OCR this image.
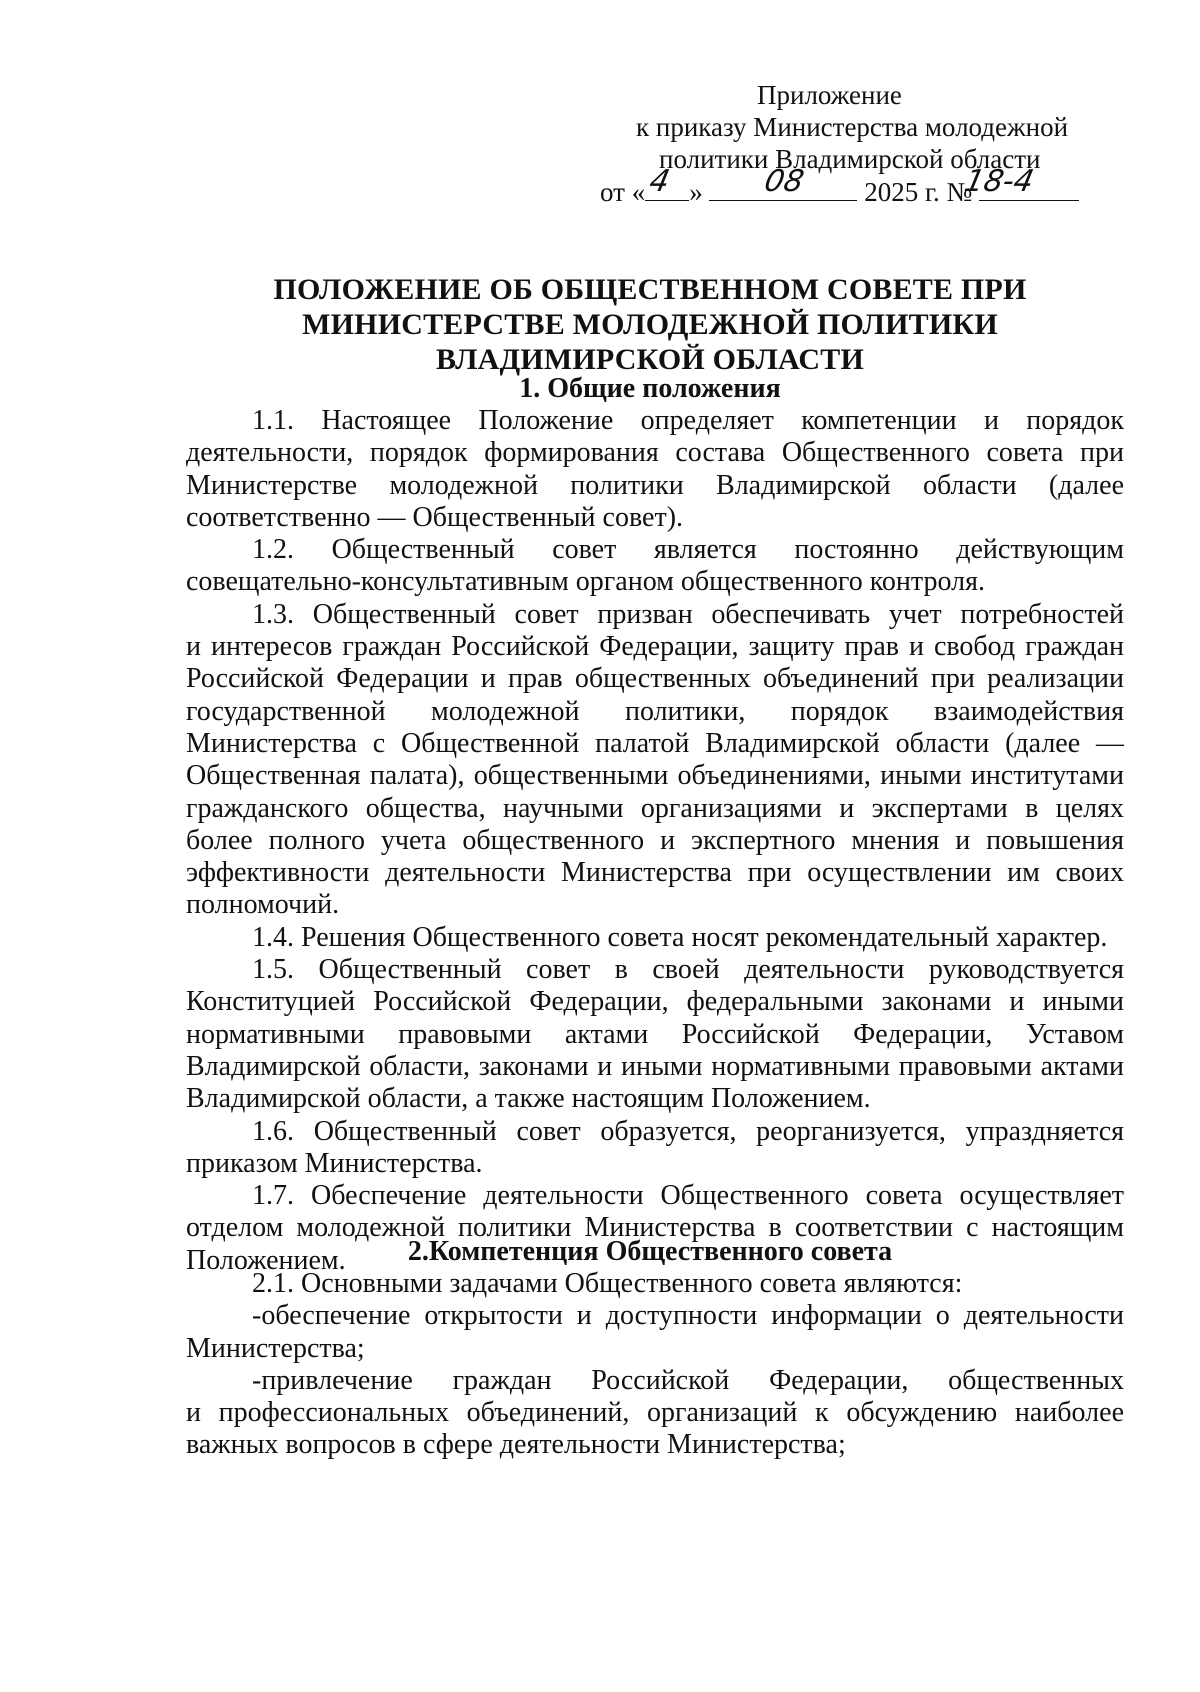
Приложение
к приказу Министерства молодежной
политики Владимирской области
от « »	2025 г. №
4	08	18-4
ПОЛОЖЕНИЕ ОБ ОБЩЕСТВЕННОМ СОВЕТЕ ПРИ
МИНИСТЕРСТВЕ МОЛОДЕЖНОЙ ПОЛИТИКИ
ВЛАДИМИРСКОЙ ОБЛАСТИ
1. Общие положения
1.1. Настоящее Положение определяет компетенции и порядок
деятельности, порядок формирования состава Общественного совета при
Министерстве молодежной политики Владимирской области (далее
соответственно — Общественный совет).
1.2. Общественный совет является постоянно действующим
совещательно-консультативным органом общественного контроля.
1.3. Общественный совет призван обеспечивать учет потребностей
и интересов граждан Российской Федерации, защиту прав и свобод граждан
Российской Федерации и прав общественных объединений при реализации
государственной молодежной политики, порядок взаимодействия
Министерства с Общественной палатой Владимирской области (далее —
Общественная палата), общественными объединениями, иными институтами
гражданского общества, научными организациями и экспертами в целях
более полного учета общественного и экспертного мнения и повышения
эффективности деятельности Министерства при осуществлении им своих
полномочий.
1.4. Решения Общественного совета носят рекомендательный характер.
1.5. Общественный совет в своей деятельности руководствуется
Конституцией Российской Федерации, федеральными законами и иными
нормативными правовыми актами Российской Федерации, Уставом
Владимирской области, законами и иными нормативными правовыми актами
Владимирской области, а также настоящим Положением.
1.6. Общественный совет образуется, реорганизуется, упраздняется
приказом Министерства.
1.7. Обеспечение деятельности Общественного совета осуществляет
отделом молодежной политики Министерства в соответствии с настоящим
Положением.	2.Компетенция Общественного совета
2.1. Основными задачами Общественного совета являются:
-обеспечение открытости и доступности информации о деятельности
Министерства;
-привлечение граждан Российской Федерации, общественных
и профессиональных объединений, организаций к обсуждению наиболее
важных вопросов в сфере деятельности Министерства;
